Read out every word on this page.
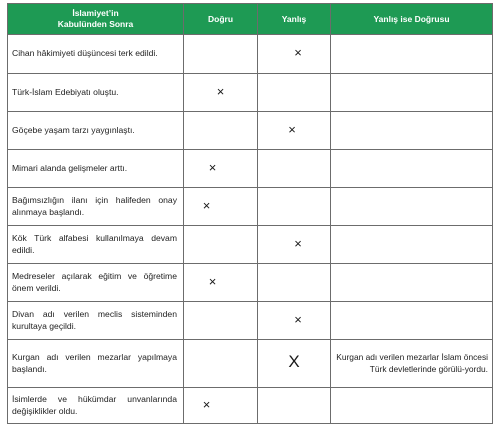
İslamiyet’in
Kabulünden Sonra	Doğru	Yanlış	Yanlış ise Doğrusu
Cihan hâkimiyeti düşüncesi terk edildi.		×	
Türk-İslam Edebiyatı oluştu.	×		
Göçebe yaşam tarzı yaygınlaştı.		×	
Mimari alanda gelişmeler arttı.	×		
Bağımsızlığın ilanı için halifeden onay alınmaya başlandı.	×		
Kök Türk alfabesi kullanılmaya devam edildi.		×	
Medreseler açılarak eğitim ve öğretime önem verildi.	×		
Divan adı verilen meclis sisteminden kurultaya geçildi.		×	
Kurgan adı verilen mezarlar yapılmaya başlandı.		X	Kurgan adı verilen mezarlar İslam öncesi Türk devletlerinde görülü-yordu.
İsimlerde ve hükümdar unvanlarında değişiklikler oldu.	×		
